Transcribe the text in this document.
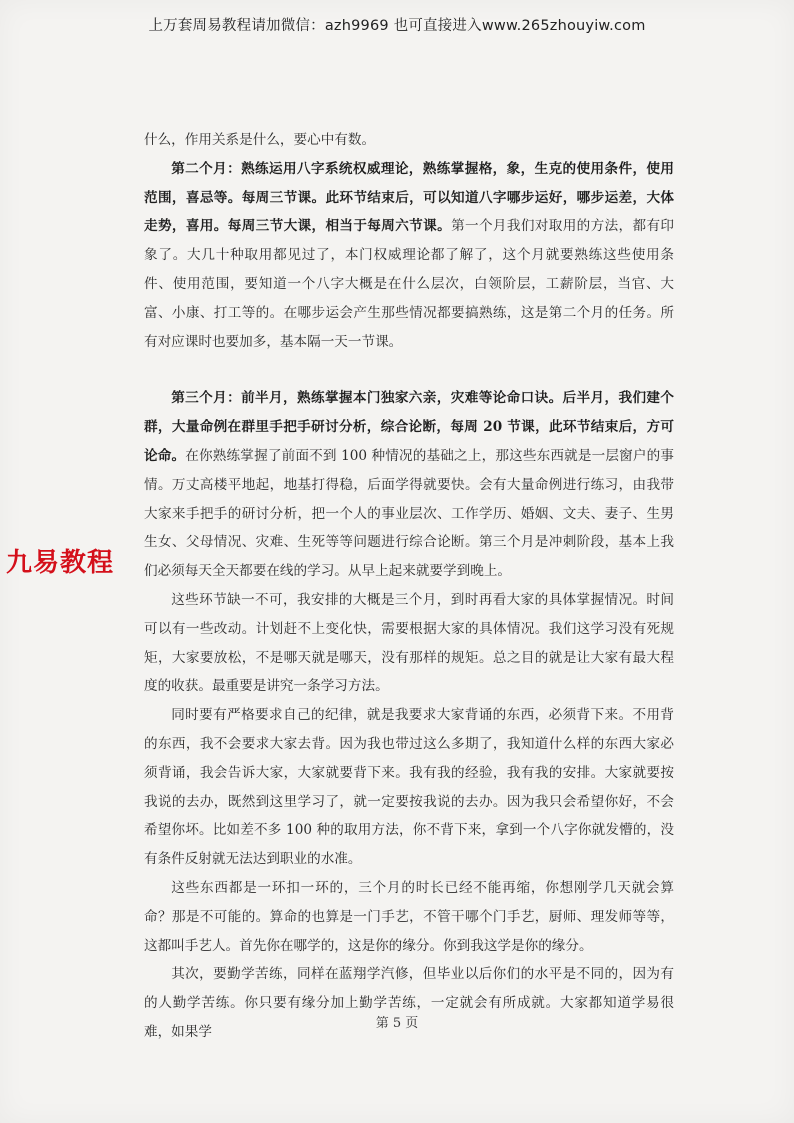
上万套周易教程请加微信：azh9969 也可直接进入www.265zhouyiw.com

什么，作用关系是什么，要心中有数。

第二个月：熟练运用八字系统权威理论，熟练掌握格，象，生克的使用条件，使用范围，喜忌等。每周三节课。此环节结束后，可以知道八字哪步运好，哪步运差，大体走势，喜用。每周三节大课，相当于每周六节课。第一个月我们对取用的方法，都有印象了。大几十种取用都见过了，本门权威理论都了解了，这个月就要熟练这些使用条件、使用范围，要知道一个八字大概是在什么层次，白领阶层，工薪阶层，当官、大富、小康、打工等的。在哪步运会产生那些情况都要搞熟练，这是第二个月的任务。所有对应课时也要加多，基本隔一天一节课。

第三个月：前半月，熟练掌握本门独家六亲，灾难等论命口诀。后半月，我们建个群，大量命例在群里手把手研讨分析，综合论断，每周 20 节课，此环节结束后，方可论命。在你熟练掌握了前面不到 100 种情况的基础之上，那这些东西就是一层窗户的事情。万丈高楼平地起，地基打得稳，后面学得就要快。会有大量命例进行练习，由我带大家来手把手的研讨分析，把一个人的事业层次、工作学历、婚姻、文夫、妻子、生男生女、父母情况、灾难、生死等等问题进行综合论断。第三个月是冲刺阶段，基本上我们必须每天全天都要在线的学习。从早上起来就要学到晚上。

这些环节缺一不可，我安排的大概是三个月，到时再看大家的具体掌握情况。时间可以有一些改动。计划赶不上变化快，需要根据大家的具体情况。我们这学习没有死规矩，大家要放松，不是哪天就是哪天，没有那样的规矩。总之目的就是让大家有最大程度的收获。最重要是讲究一条学习方法。

同时要有严格要求自己的纪律，就是我要求大家背诵的东西，必须背下来。不用背的东西，我不会要求大家去背。因为我也带过这么多期了，我知道什么样的东西大家必须背诵，我会告诉大家，大家就要背下来。我有我的经验，我有我的安排。大家就要按我说的去办，既然到这里学习了，就一定要按我说的去办。因为我只会希望你好，不会希望你坏。比如差不多 100 种的取用方法，你不背下来，拿到一个八字你就发懵的，没有条件反射就无法达到职业的水准。

这些东西都是一环扣一环的，三个月的时长已经不能再缩，你想刚学几天就会算命？那是不可能的。算命的也算是一门手艺，不管干哪个门手艺，厨师、理发师等等，这都叫手艺人。首先你在哪学的，这是你的缘分。你到我这学是你的缘分。

其次，要勤学苦练，同样在蓝翔学汽修，但毕业以后你们的水平是不同的，因为有的人勤学苦练。你只要有缘分加上勤学苦练，一定就会有所成就。大家都知道学易很难，如果学

九易教程
第 5 页
